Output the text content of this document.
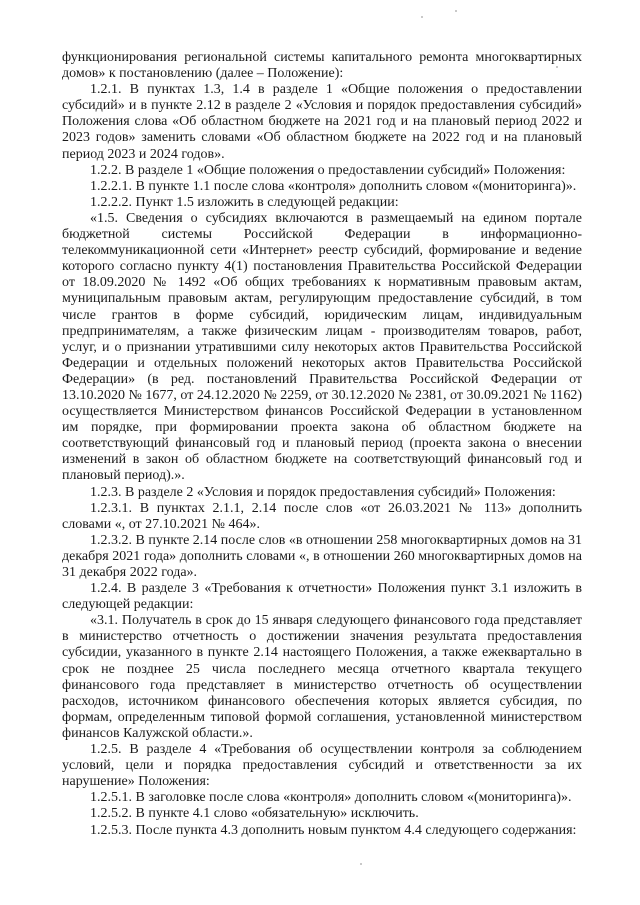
функционирования региональной системы капитального ремонта многоквартирных домов» к постановлению (далее – Положение):

1.2.1. В пунктах 1.3, 1.4 в разделе 1 «Общие положения о предоставлении субсидий» и в пункте 2.12 в разделе 2 «Условия и порядок предоставления субсидий» Положения слова «Об областном бюджете на 2021 год и на плановый период 2022 и 2023 годов» заменить словами «Об областном бюджете на 2022 год и на плановый период 2023 и 2024 годов».

1.2.2. В разделе 1 «Общие положения о предоставлении субсидий» Положения:

1.2.2.1. В пункте 1.1 после слова «контроля» дополнить словом «(мониторинга)».

1.2.2.2. Пункт 1.5 изложить в следующей редакции:

«1.5. Сведения о субсидиях включаются в размещаемый на едином портале бюджетной системы Российской Федерации в информационно-телекоммуникационной сети «Интернет» реестр субсидий, формирование и ведение которого согласно пункту 4(1) постановления Правительства Российской Федерации от 18.09.2020 № 1492 «Об общих требованиях к нормативным правовым актам, муниципальным правовым актам, регулирующим предоставление субсидий, в том числе грантов в форме субсидий, юридическим лицам, индивидуальным предпринимателям, а также физическим лицам - производителям товаров, работ, услуг, и о признании утратившими силу некоторых актов Правительства Российской Федерации и отдельных положений некоторых актов Правительства Российской Федерации» (в ред. постановлений Правительства Российской Федерации от 13.10.2020 № 1677, от 24.12.2020 № 2259, от 30.12.2020 № 2381, от 30.09.2021 № 1162) осуществляется Министерством финансов Российской Федерации в установленном им порядке, при формировании проекта закона об областном бюджете на соответствующий финансовый год и плановый период (проекта закона о внесении изменений в закон об областном бюджете на соответствующий финансовый год и плановый период).».

1.2.3. В разделе 2 «Условия и порядок предоставления субсидий» Положения:

1.2.3.1. В пунктах 2.1.1, 2.14 после слов «от 26.03.2021 № 113» дополнить словами «, от 27.10.2021 № 464».

1.2.3.2. В пункте 2.14 после слов «в отношении 258 многоквартирных домов на 31 декабря 2021 года» дополнить словами «, в отношении 260 многоквартирных домов на 31 декабря 2022 года».

1.2.4. В разделе 3 «Требования к отчетности» Положения пункт 3.1 изложить в следующей редакции:

«3.1. Получатель в срок до 15 января следующего финансового года представляет в министерство отчетность о достижении значения результата предоставления субсидии, указанного в пункте 2.14 настоящего Положения, а также ежеквартально в срок не позднее 25 числа последнего месяца отчетного квартала текущего финансового года представляет в министерство отчетность об осуществлении расходов, источником финансового обеспечения которых является субсидия, по формам, определенным типовой формой соглашения, установленной министерством финансов Калужской области.».

1.2.5. В разделе 4 «Требования об осуществлении контроля за соблюдением условий, цели и порядка предоставления субсидий и ответственности за их нарушение» Положения:

1.2.5.1. В заголовке после слова «контроля» дополнить словом «(мониторинга)».

1.2.5.2. В пункте 4.1 слово «обязательную» исключить.

1.2.5.3. После пункта 4.3 дополнить новым пунктом 4.4 следующего содержания:
